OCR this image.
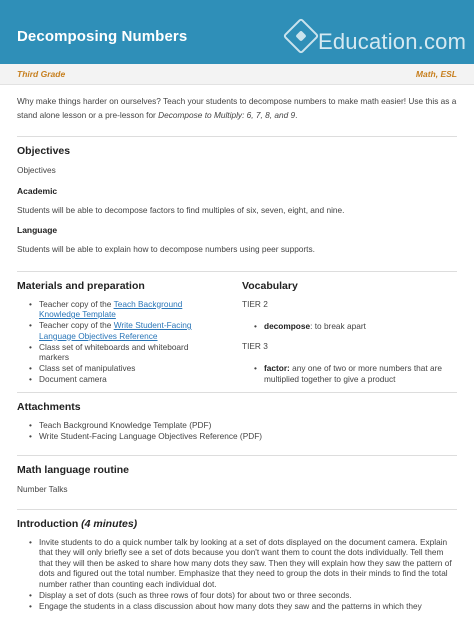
Decomposing Numbers	Education.com
Third Grade	Math, ESL

Why make things harder on ourselves? Teach your students to decompose numbers to make math easier! Use this as a stand alone lesson or a pre-lesson for Decompose to Multiply: 6, 7, 8, and 9.

Objectives

Objectives

Academic

Students will be able to decompose factors to find multiples of six, seven, eight, and nine.

Language

Students will be able to explain how to decompose numbers using peer supports.

Materials and preparation
• Teacher copy of the Teach Background Knowledge Template
• Teacher copy of the Write Student-Facing Language Objectives Reference
• Class set of whiteboards and whiteboard markers
• Class set of manipulatives
• Document camera
Vocabulary
TIER 2
• decompose: to break apart
TIER 3
• factor: any one of two or more numbers that are multiplied together to give a product
Attachments
• Teach Background Knowledge Template (PDF)
• Write Student-Facing Language Objectives Reference (PDF)
Math language routine

Number Talks

Introduction (4 minutes)
• Invite students to do a quick number talk by looking at a set of dots displayed on the document camera. Explain that they will only briefly see a set of dots because you don't want them to count the dots individually. Tell them that they will then be asked to share how many dots they saw. Then they will explain how they saw the pattern of dots and figured out the total number. Emphasize that they need to group the dots in their minds to find the total number rather than counting each individual dot.
• Display a set of dots (such as three rows of four dots) for about two or three seconds.
• Engage the students in a class discussion about how many dots they saw and the patterns in which they
